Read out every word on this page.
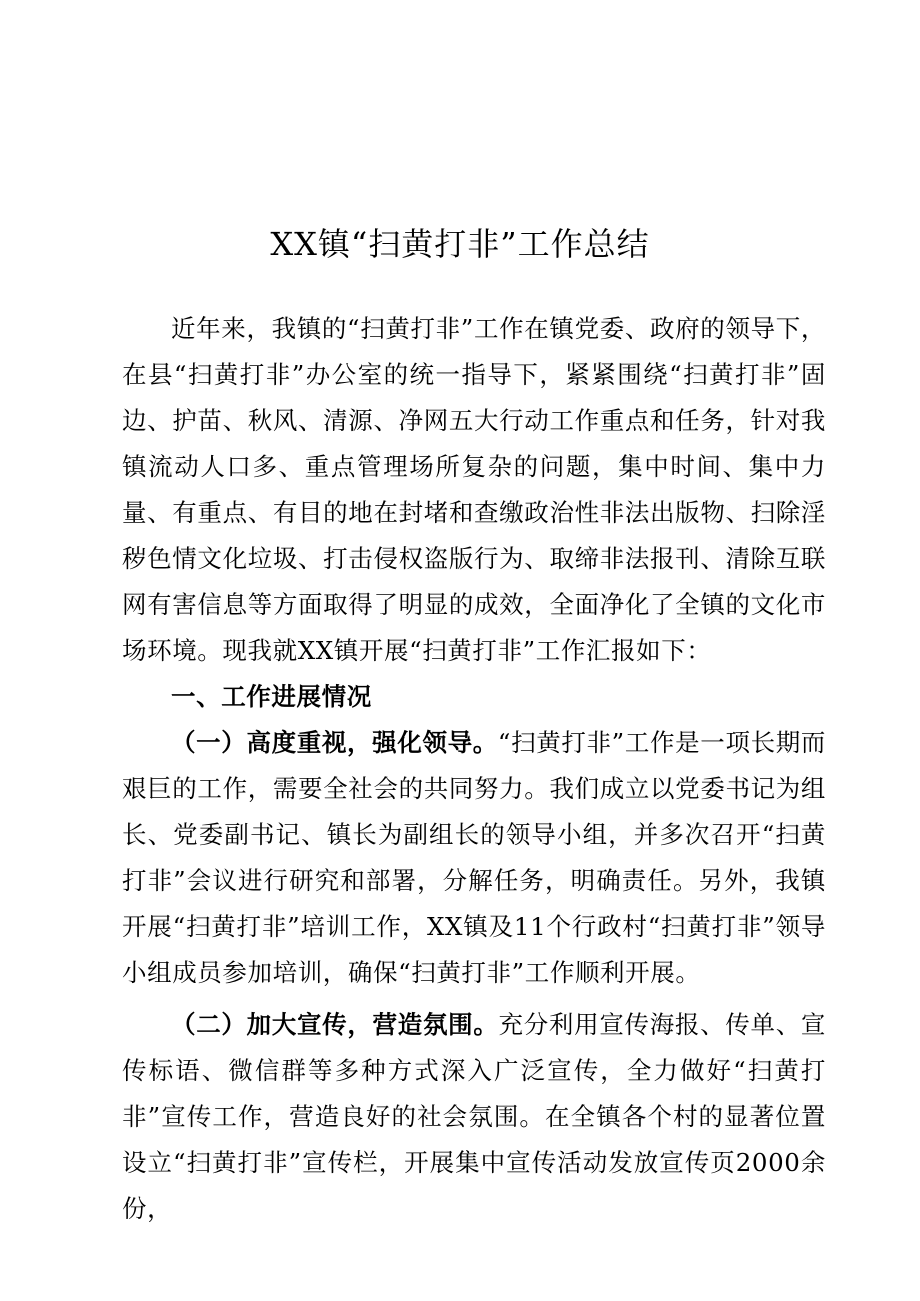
XX镇“扫黄打非”工作总结

近年来，我镇的“扫黄打非”工作在镇党委、政府的领导下，在县“扫黄打非”办公室的统一指导下，紧紧围绕“扫黄打非”固边、护苗、秋风、清源、净网五大行动工作重点和任务，针对我镇流动人口多、重点管理场所复杂的问题，集中时间、集中力量、有重点、有目的地在封堵和查缴政治性非法出版物、扫除淫秽色情文化垃圾、打击侵权盗版行为、取缔非法报刊、清除互联网有害信息等方面取得了明显的成效，全面净化了全镇的文化市场环境。现我就XX镇开展“扫黄打非”工作汇报如下：

一、工作进展情况

（一）高度重视，强化领导。“扫黄打非”工作是一项长期而艰巨的工作，需要全社会的共同努力。我们成立以党委书记为组长、党委副书记、镇长为副组长的领导小组，并多次召开“扫黄打非”会议进行研究和部署，分解任务，明确责任。另外，我镇开展“扫黄打非”培训工作，XX镇及11个行政村“扫黄打非”领导小组成员参加培训，确保“扫黄打非”工作顺利开展。

（二）加大宣传，营造氛围。充分利用宣传海报、传单、宣传标语、微信群等多种方式深入广泛宣传，全力做好“扫黄打非”宣传工作，营造良好的社会氛围。在全镇各个村的显著位置设立“扫黄打非”宣传栏，开展集中宣传活动发放宣传页2000余份，
